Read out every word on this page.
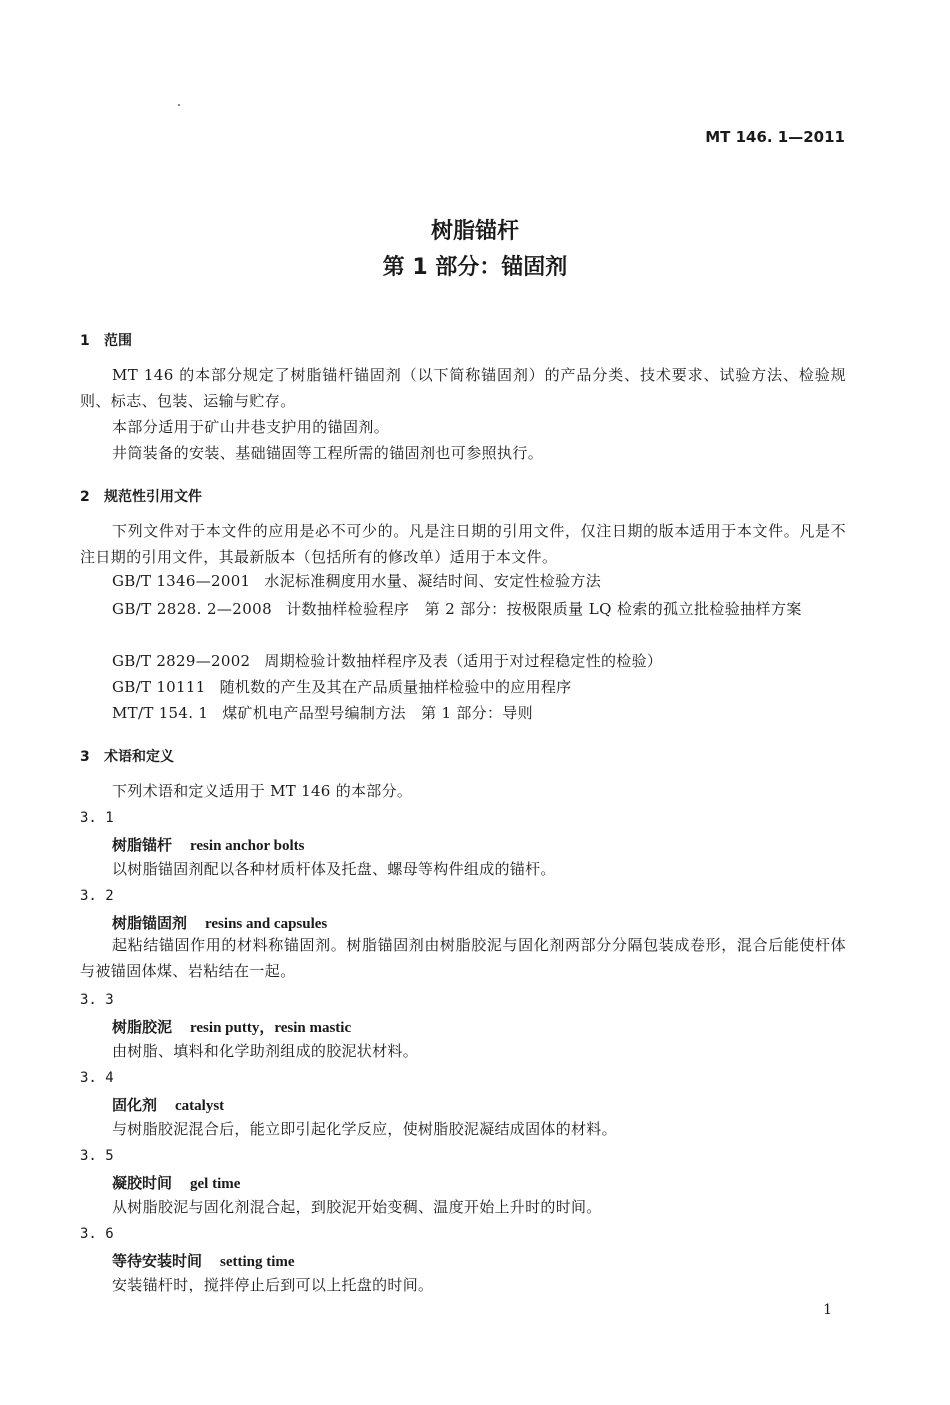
MT 146. 1—2011
树脂锚杆
第 1 部分：锚固剂
1 范围
MT 146 的本部分规定了树脂锚杆锚固剂（以下简称锚固剂）的产品分类、技术要求、试验方法、检验规则、标志、包装、运输与贮存。
本部分适用于矿山井巷支护用的锚固剂。
井筒装备的安装、基础锚固等工程所需的锚固剂也可参照执行。
2 规范性引用文件
下列文件对于本文件的应用是必不可少的。凡是注日期的引用文件，仅注日期的版本适用于本文件。凡是不注日期的引用文件，其最新版本（包括所有的修改单）适用于本文件。
GB/T 1346—2001 水泥标准稠度用水量、凝结时间、安定性检验方法
GB/T 2828. 2—2008 计数抽样检验程序　第 2 部分：按极限质量 LQ 检索的孤立批检验抽样方案
GB/T 2829—2002 周期检验计数抽样程序及表（适用于对过程稳定性的检验）
GB/T 10111 随机数的产生及其在产品质量抽样检验中的应用程序
MT/T 154. 1 煤矿机电产品型号编制方法　第 1 部分：导则
3 术语和定义
下列术语和定义适用于 MT 146 的本部分。
3. 1
树脂锚杆 resin anchor bolts
以树脂锚固剂配以各种材质杆体及托盘、螺母等构件组成的锚杆。
3. 2
树脂锚固剂 resins and capsules
起粘结锚固作用的材料称锚固剂。树脂锚固剂由树脂胶泥与固化剂两部分分隔包装成卷形，混合后能使杆体与被锚固体煤、岩粘结在一起。
3. 3
树脂胶泥 resin putty，resin mastic
由树脂、填料和化学助剂组成的胶泥状材料。
3. 4
固化剂 catalyst
与树脂胶泥混合后，能立即引起化学反应，使树脂胶泥凝结成固体的材料。
3. 5
凝胶时间 gel time
从树脂胶泥与固化剂混合起，到胶泥开始变稠、温度开始上升时的时间。
3. 6
等待安装时间 setting time
安装锚杆时，搅拌停止后到可以上托盘的时间。
1
